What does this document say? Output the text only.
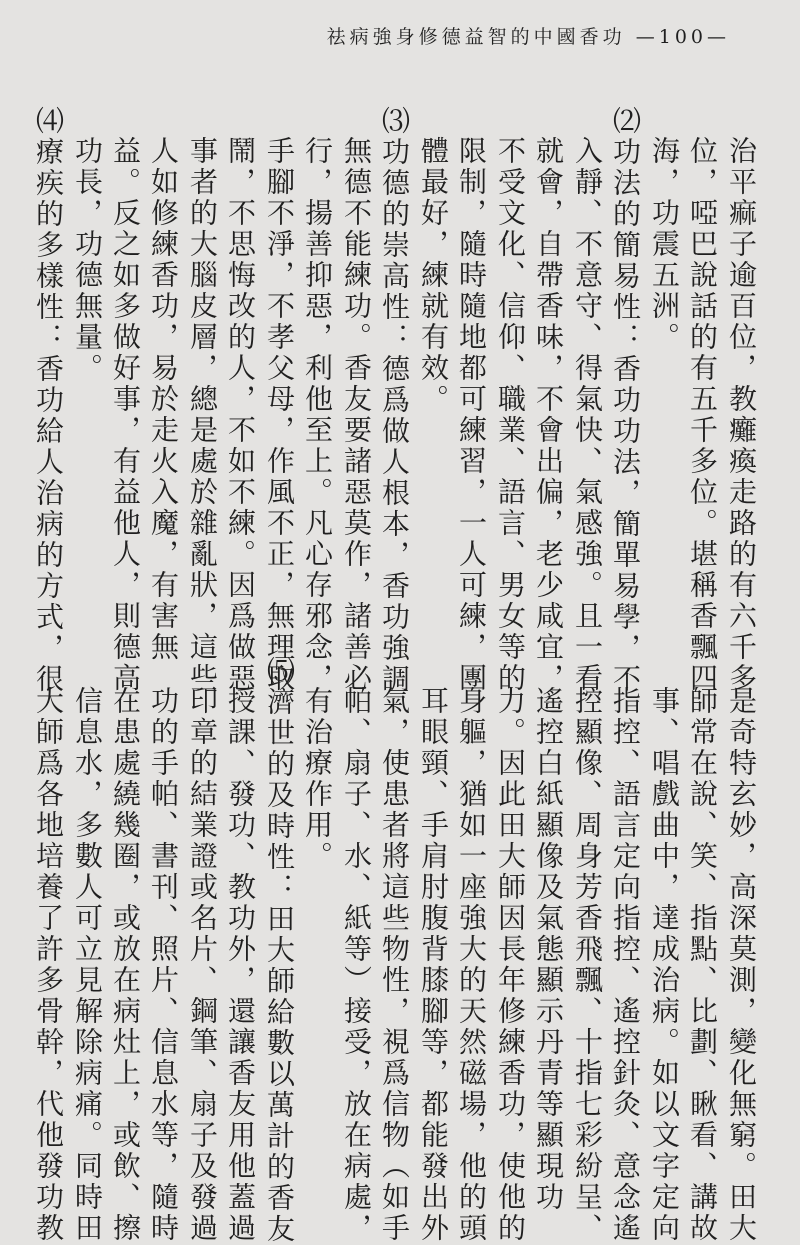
祛病強身修德益智的中國香功 —100—
治平痲子逾百位，教癱瘓走路的有六千多
位，啞巴說話的有五千多位。堪稱香飄四
海，功震五洲。
⑵功法的簡易性：香功功法，簡單易學，不
入靜、不意守、得氣快、氣感強。且一看
就會，自帶香味，不會出偏，老少咸宜，
不受文化、信仰、職業、語言、男女等的
限制，隨時隨地都可練習，一人可練，團
體最好，練就有效。
⑶功德的崇高性：德爲做人根本，香功強調
無德不能練功。香友要諸惡莫作，諸善必
行，揚善抑惡，利他至上。凡心存邪念，
手腳不淨，不孝父母，作風不正，無理取
鬧，不思悔改的人，不如不練。因爲做惡
事者的大腦皮層，總是處於雜亂狀，這些
人如修練香功，易於走火入魔，有害無
益。反之如多做好事，有益他人，則德高
功長，功德無量。
⑷療疾的多樣性：香功給人治病的方式，很
是奇特玄妙，高深莫測，變化無窮。田大
師常在說、笑、指點、比劃、瞅看、講故
事、唱戲曲中，達成治病。如以文字定向
指控、語言定向指控、遙控針灸、意念遙
控顯像、周身芳香飛飄、十指七彩紛呈、
遙控白紙顯像及氣態顯示丹青等顯現功
力。因此田大師因長年修練香功，使他的
身軀，猶如一座強大的天然磁場，他的頭
耳眼頸、手肩肘腹背膝腳等，都能發出外
氣，使患者將這些物性，視爲信物（如手
帕、扇子、水、紙等）接受，放在病處，
有治療作用。
⑸濟世的及時性：田大師給數以萬計的香友
授課、發功、教功外，還讓香友用他蓋過
印章的結業證或名片、鋼筆、扇子及發過
功的手帕、書刊、照片、信息水等，隨時
在患處繞幾圈，或放在病灶上，或飲、擦
信息水，多數人可立見解除病痛。同時田
大師爲各地培養了許多骨幹，代他發功教
